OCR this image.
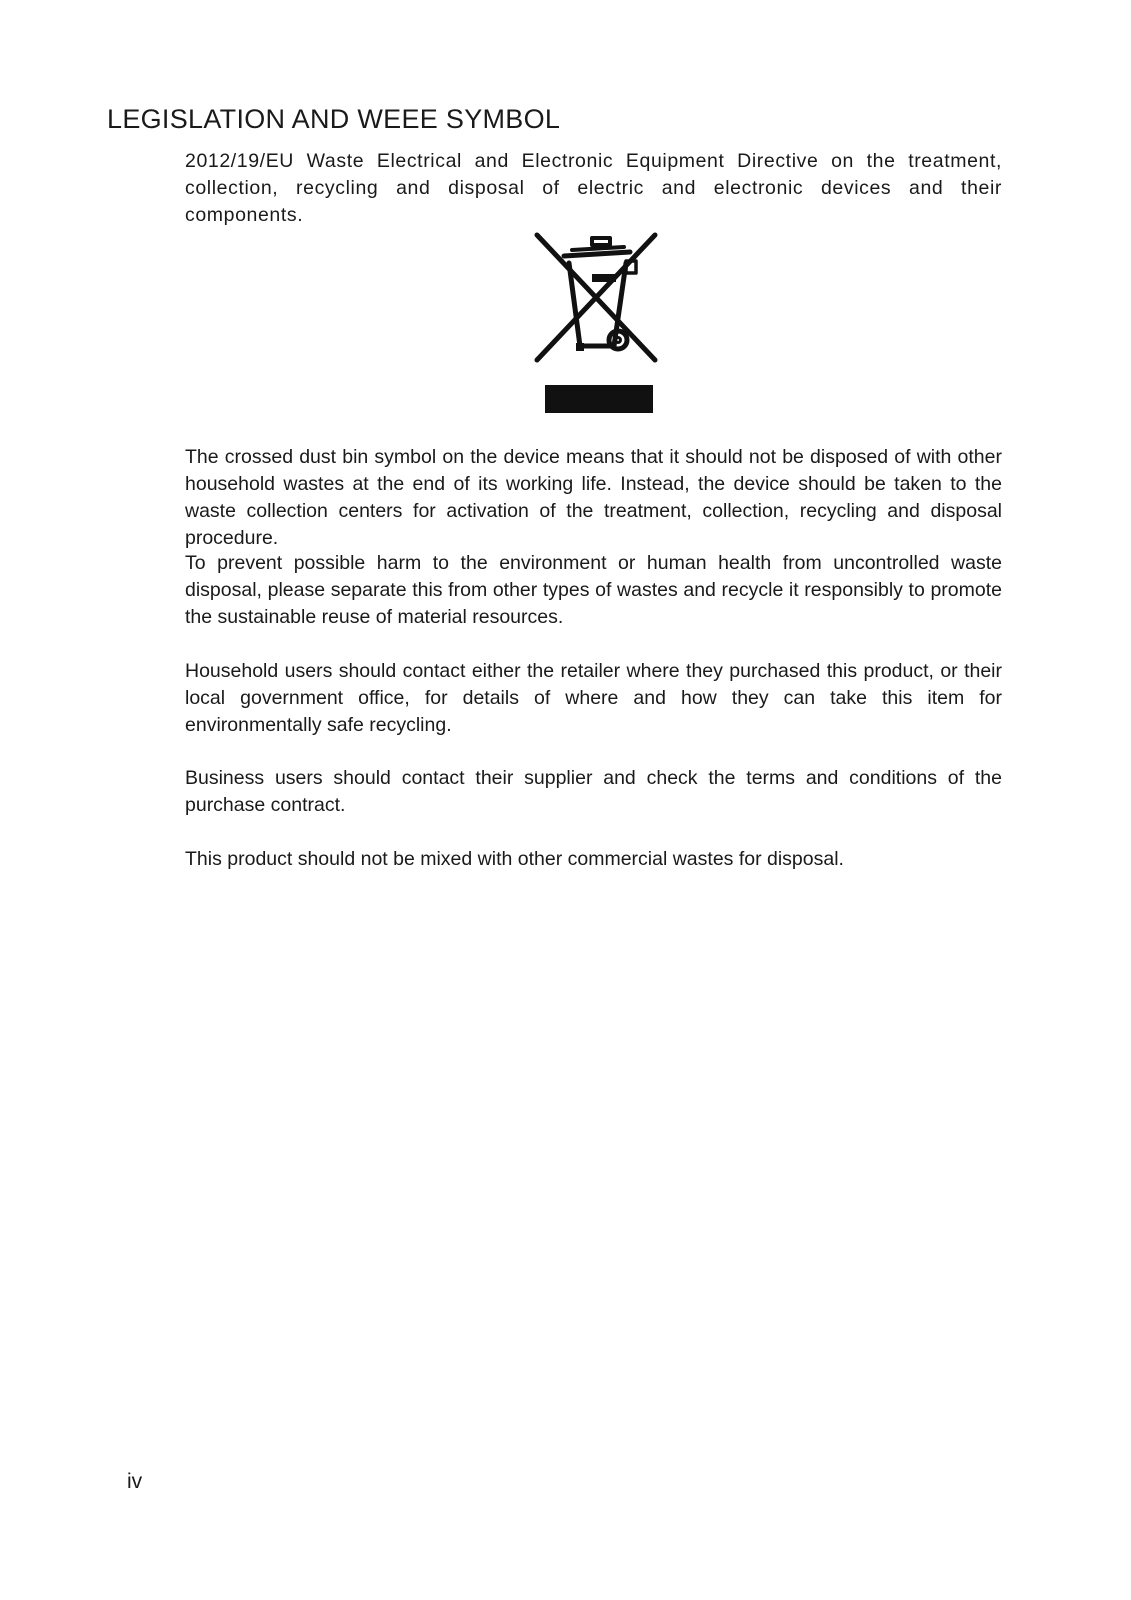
LEGISLATION AND WEEE SYMBOL

2012/19/EU Waste Electrical and Electronic Equipment Directive on the treatment, collection, recycling and disposal of electric and electronic devices and their components.

The crossed dust bin symbol on the device means that it should not be disposed of with other household wastes at the end of its working life. Instead, the device should be taken to the waste collection centers for activation of the treatment, collection, recycling and disposal procedure.

To prevent possible harm to the environment or human health from uncontrolled waste disposal, please separate this from other types of wastes and recycle it responsibly to promote the sustainable reuse of material resources.

Household users should contact either the retailer where they purchased this product, or their local government office, for details of where and how they can take this item for environmentally safe recycling.

Business users should contact their supplier and check the terms and conditions of the purchase contract.

This product should not be mixed with other commercial wastes for disposal.

iv
